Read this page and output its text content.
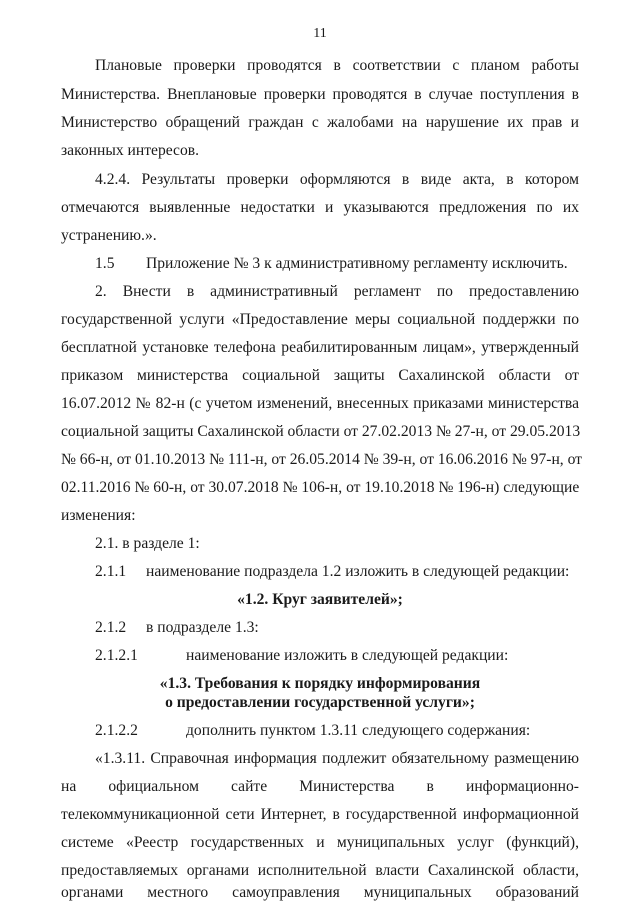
11
Плановые проверки проводятся в соответствии с планом работы
Министерства. Внеплановые проверки проводятся в случае поступления в
Министерство обращений граждан с жалобами на нарушение их прав и
законных интересов.
4.2.4. Результаты проверки оформляются в виде акта, в котором
отмечаются выявленные недостатки и указываются предложения по их
устранению.».
1.5 Приложение № 3 к административному регламенту исключить.
2. Внести в административный регламент по предоставлению
государственной услуги «Предоставление меры социальной поддержки по
бесплатной установке телефона реабилитированным лицам», утвержденный
приказом министерства социальной защиты Сахалинской области от
16.07.2012 № 82-н (с учетом изменений, внесенных приказами министерства
социальной защиты Сахалинской области от 27.02.2013 № 27-н, от 29.05.2013
№ 66-н, от 01.10.2013 № 111-н, от 26.05.2014 № 39-н, от 16.06.2016 № 97-н, от
02.11.2016 № 60-н, от 30.07.2018 № 106-н, от 19.10.2018 № 196-н) следующие
изменения:
2.1. в разделе 1:
2.1.1 наименование подраздела 1.2 изложить в следующей редакции:
«1.2. Круг заявителей»;
2.1.2 в подразделе 1.3:
2.1.2.1	наименование изложить в следующей редакции:
«1.3. Требования к порядку информирования
о предоставлении государственной услуги»;
2.1.2.2	дополнить пунктом 1.3.11 следующего содержания:
«1.3.11. Справочная информация подлежит обязательному размещению
на официальном сайте Министерства в информационно-
телекоммуникационной сети Интернет, в государственной информационной
системе «Реестр государственных и муниципальных услуг (функций),
предоставляемых органами исполнительной власти Сахалинской области,
органами местного самоуправления муниципальных образований
